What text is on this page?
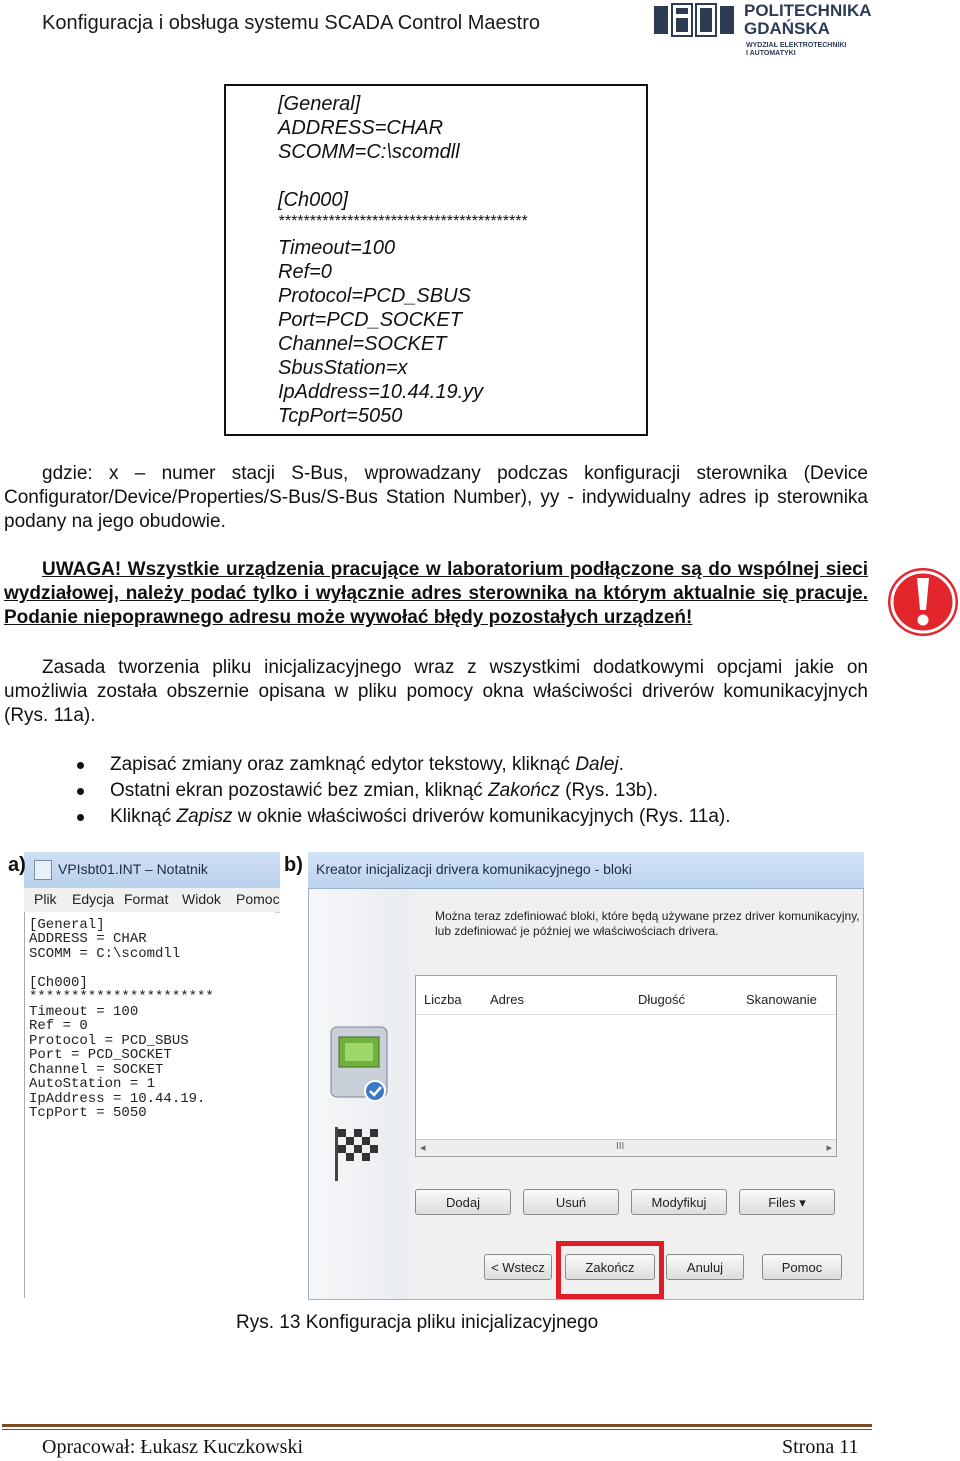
Konfiguracja i obsługa systemu SCADA Control Maestro
POLITECHNIKA
GDAŃSKA
WYDZIAŁ ELEKTROTECHNIKI
I AUTOMATYKI
[General]
ADDRESS=CHAR
SCOMM=C:\scomdll
[Ch000]
****************************************
Timeout=100
Ref=0
Protocol=PCD_SBUS
Port=PCD_SOCKET
Channel=SOCKET
SbusStation=x
IpAddress=10.44.19.yy
TcpPort=5050
gdzie: x – numer stacji S-Bus, wprowadzany podczas konfiguracji sterownika (Device Configurator/Device/Properties/S-Bus/S-Bus Station Number), yy - indywidualny adres ip sterownika podany na jego obudowie.
UWAGA! Wszystkie urządzenia pracujące w laboratorium podłączone są do wspólnej sieci wydziałowej, należy podać tylko i wyłącznie adres sterownika na którym aktualnie się pracuje. Podanie niepoprawnego adresu może wywołać błędy pozostałych urządzeń!
Zasada tworzenia pliku inicjalizacyjnego wraz z wszystkimi dodatkowymi opcjami jakie on umożliwia została obszernie opisana w pliku pomocy okna właściwości driverów komunikacyjnych (Rys. 11a).
Zapisać zmiany oraz zamknąć edytor tekstowy, kliknąć Dalej.
Ostatni ekran pozostawić bez zmian, kliknąć Zakończ (Rys. 13b).
Kliknąć Zapisz w oknie właściwości driverów komunikacyjnych (Rys. 11a).
VPIsbt01.INT – Notatnik
a)
Plik Edycja Format Widok Pomoc
[General]
ADDRESS = CHAR
SCOMM = C:\scomdll
[Ch000]
**********************
Timeout = 100
Ref = 0
Protocol = PCD_SBUS
Port = PCD_SOCKET
Channel = SOCKET
AutoStation = 1
IpAddress = 10.44.19.
TcpPort = 5050
b) Kreator inicjalizacji drivera komunikacyjnego - bloki
Można teraz zdefiniować bloki, które będą używane przez driver komunikacyjny,
lub zdefiniować je później we właściwościach drivera.
Liczba Adres	Długość	Skanowanie
◂	III	▸
Dodaj	Usuń	Modyfikuj	Files ▾
< Wstecz	Zakończ	Anuluj	Pomoc
Rys. 13 Konfiguracja pliku inicjalizacyjnego
Opracował: Łukasz Kuczkowski	Strona 11
